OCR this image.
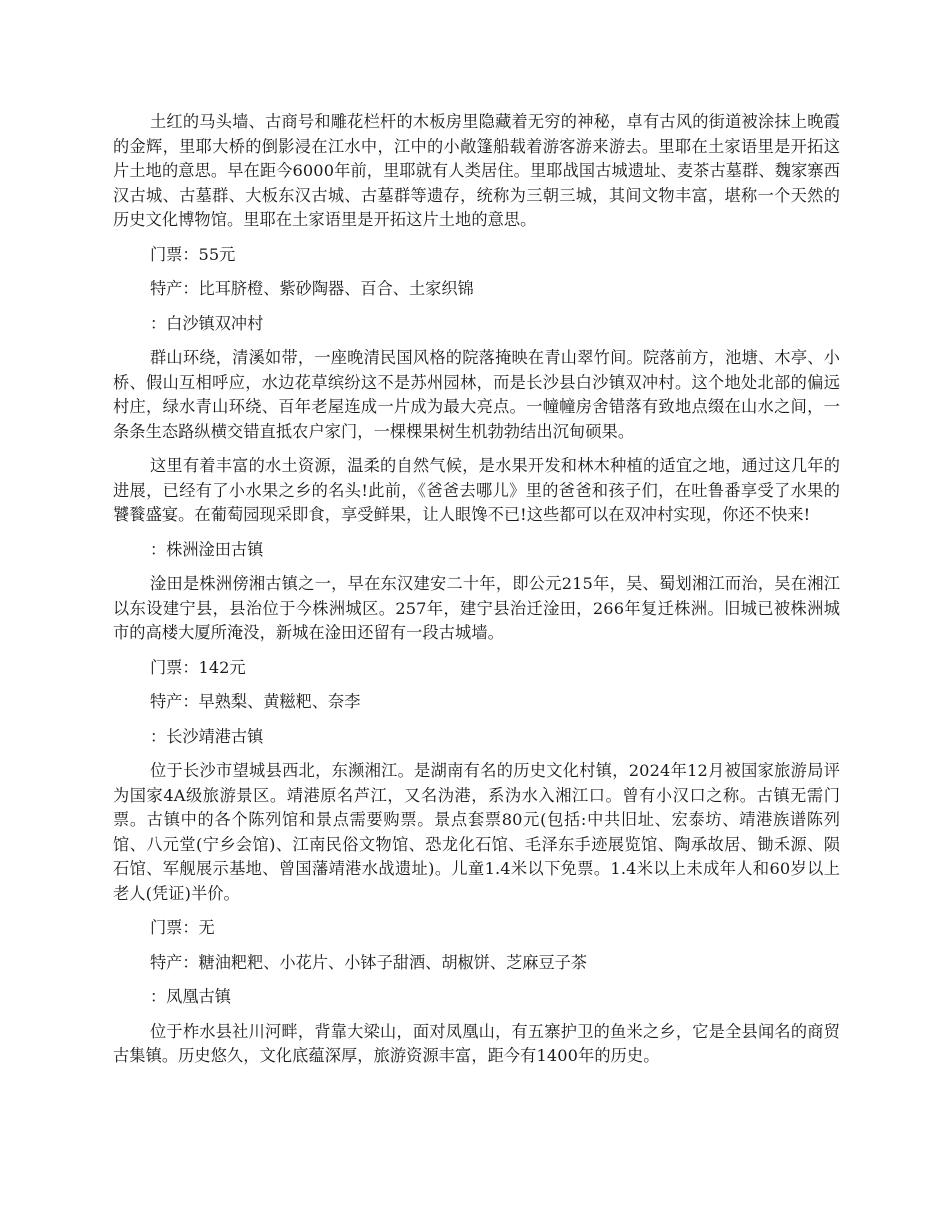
土红的马头墙、古商号和雕花栏杆的木板房里隐藏着无穷的神秘，卓有古风的街道被涂抹上晚霞的金辉，里耶大桥的倒影浸在江水中，江中的小敞篷船载着游客游来游去。里耶在土家语里是开拓这片土地的意思。早在距今6000年前，里耶就有人类居住。里耶战国古城遗址、麦茶古墓群、魏家寨西汉古城、古墓群、大板东汉古城、古墓群等遗存，统称为三朝三城，其间文物丰富，堪称一个天然的历史文化博物馆。里耶在土家语里是开拓这片土地的意思。

门票：55元

特产：比耳脐橙、紫砂陶器、百合、土家织锦

：白沙镇双冲村

群山环绕，清溪如带，一座晚清民国风格的院落掩映在青山翠竹间。院落前方，池塘、木亭、小桥、假山互相呼应，水边花草缤纷这不是苏州园林，而是长沙县白沙镇双冲村。这个地处北部的偏远村庄，绿水青山环绕、百年老屋连成一片成为最大亮点。一幢幢房舍错落有致地点缀在山水之间，一条条生态路纵横交错直抵农户家门，一棵棵果树生机勃勃结出沉甸硕果。

这里有着丰富的水土资源，温柔的自然气候，是水果开发和林木种植的适宜之地，通过这几年的进展，已经有了小水果之乡的名头!此前，《爸爸去哪儿》里的爸爸和孩子们，在吐鲁番享受了水果的饕餮盛宴。在葡萄园现采即食，享受鲜果，让人眼馋不已!这些都可以在双冲村实现，你还不快来!

：株洲淦田古镇

淦田是株洲傍湘古镇之一，早在东汉建安二十年，即公元215年，吴、蜀划湘江而治，吴在湘江以东设建宁县，县治位于今株洲城区。257年，建宁县治迁淦田，266年复迁株洲。旧城已被株洲城市的高楼大厦所淹没，新城在淦田还留有一段古城墙。

门票：142元

特产：早熟梨、黄糍粑、奈李

：长沙靖港古镇

位于长沙市望城县西北，东濒湘江。是湖南有名的历史文化村镇，2024年12月被国家旅游局评为国家4A级旅游景区。靖港原名芦江，又名沩港，系沩水入湘江口。曾有小汉口之称。古镇无需门票。古镇中的各个陈列馆和景点需要购票。景点套票80元(包括:中共旧址、宏泰坊、靖港族谱陈列馆、八元堂(宁乡会馆)、江南民俗文物馆、恐龙化石馆、毛泽东手迹展览馆、陶承故居、锄禾源、陨石馆、军舰展示基地、曾国藩靖港水战遗址)。儿童1.4米以下免票。1.4米以上未成年人和60岁以上老人(凭证)半价。

门票：无

特产：糖油粑粑、小花片、小钵子甜酒、胡椒饼、芝麻豆子茶

：凤凰古镇

位于柞水县社川河畔，背靠大梁山，面对凤凰山，有五寨护卫的鱼米之乡，它是全县闻名的商贸古集镇。历史悠久，文化底蕴深厚，旅游资源丰富，距今有1400年的历史。
